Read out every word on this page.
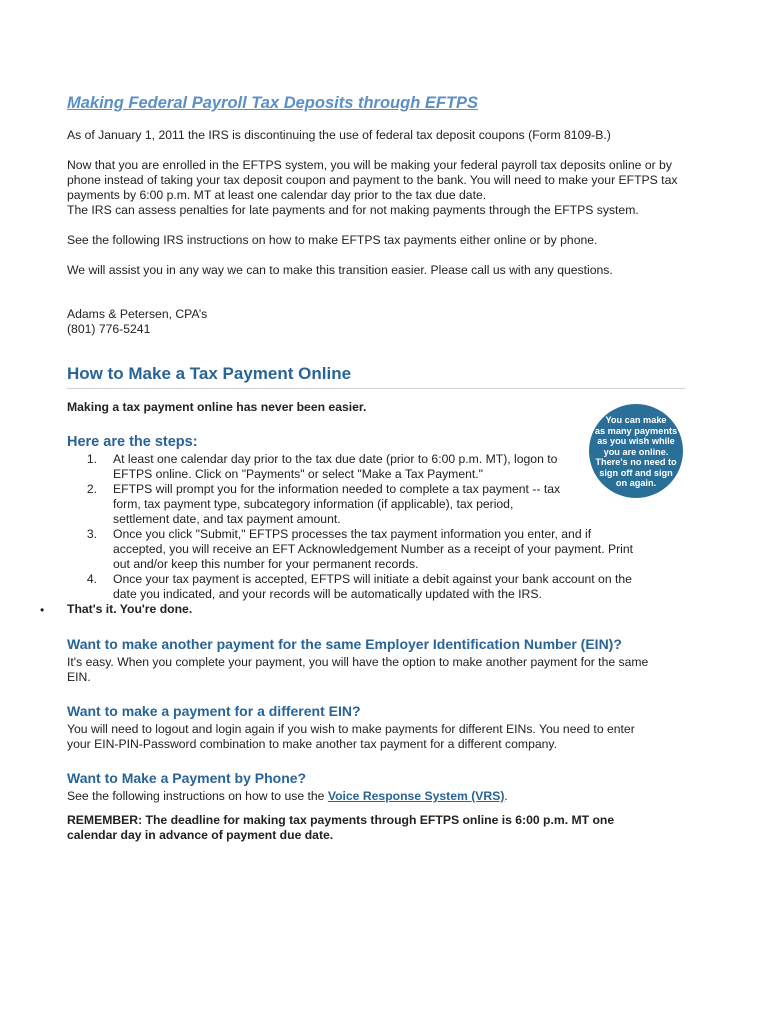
Making Federal Payroll Tax Deposits through EFTPS

As of January 1, 2011 the IRS is discontinuing the use of federal tax deposit coupons (Form 8109-B.)

Now that you are enrolled in the EFTPS system, you will be making your federal payroll tax deposits online or by

phone instead of taking your tax deposit coupon and payment to the bank. You will need to make your EFTPS tax

payments by 6:00 p.m. MT at least one calendar day prior to the tax due date.

The IRS can assess penalties for late payments and for not making payments through the EFTPS system.

See the following IRS instructions on how to make EFTPS tax payments either online or by phone.

We will assist you in any way we can to make this transition easier. Please call us with any questions.

Adams & Petersen, CPA’s

(801) 776-5241

How to Make a Tax Payment Online

Making a tax payment online has never been easier.

You can make
as many payments
as you wish while
you are online.
There's no need to
sign off and sign
on again.
Here are the steps:
1. At least one calendar day prior to the tax due date (prior to 6:00 p.m. MT), logon to
EFTPS online. Click on "Payments" or select "Make a Tax Payment."
2. EFTPS will prompt you for the information needed to complete a tax payment -- tax
form, tax payment type, subcategory information (if applicable), tax period,
settlement date, and tax payment amount.
3. Once you click "Submit," EFTPS processes the tax payment information you enter, and if
accepted, you will receive an EFT Acknowledgement Number as a receipt of your payment. Print
out and/or keep this number for your permanent records.
4. Once your tax payment is accepted, EFTPS will initiate a debit against your bank account on the
date you indicated, and your records will be automatically updated with the IRS.
• That's it. You're done.

Want to make another payment for the same Employer Identification Number (EIN)?

It's easy. When you complete your payment, you will have the option to make another payment for the same

EIN.

Want to make a payment for a different EIN?

You will need to logout and login again if you wish to make payments for different EINs. You need to enter

your EIN-PIN-Password combination to make another tax payment for a different company.

Want to Make a Payment by Phone?

See the following instructions on how to use the Voice Response System (VRS).

REMEMBER: The deadline for making tax payments through EFTPS online is 6:00 p.m. MT one

calendar day in advance of payment due date.
